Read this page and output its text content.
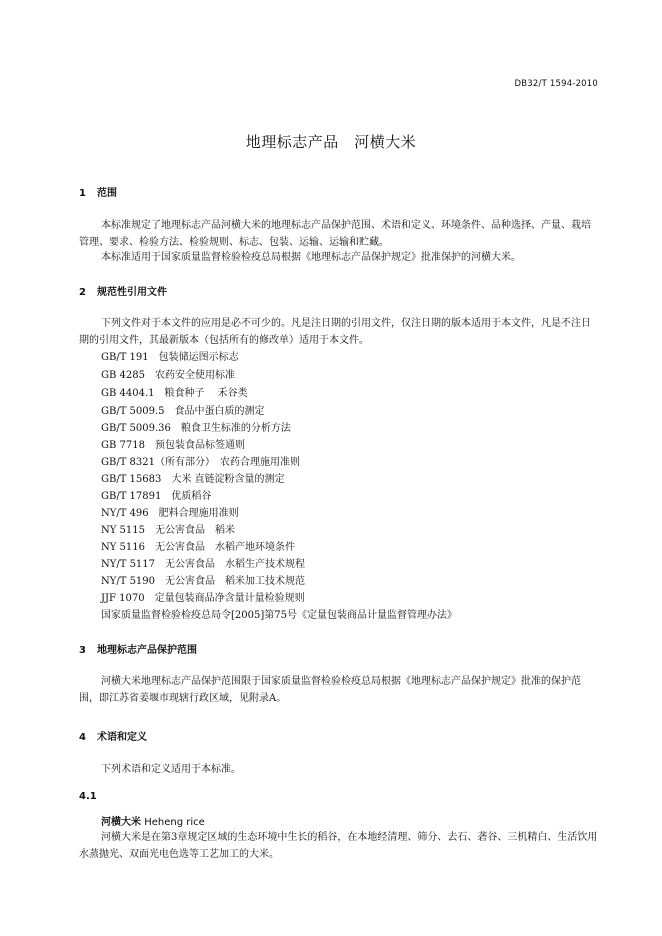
DB32/T 1594-2010
地理标志产品　河横大米
1 范围
本标准规定了地理标志产品河横大米的地理标志产品保护范围、术语和定义、环境条件、品种选择、产量、栽培管理、要求、检验方法、检验规则、标志、包装、运输、运输和贮藏。
本标准适用于国家质量监督检验检疫总局根据《地理标志产品保护规定》批准保护的河横大米。
2 规范性引用文件
下列文件对于本文件的应用是必不可少的。凡是注日期的引用文件，仅注日期的版本适用于本文件，凡是不注日期的引用文件，其最新版本（包括所有的修改单）适用于本文件。
GB/T 191　包装储运图示标志
GB 4285　农药安全使用标准
GB 4404.1　粮食种子　 禾谷类
GB/T 5009.5　食品中蛋白质的测定
GB/T 5009.36　粮食卫生标准的分析方法
GB 7718　预包装食品标签通则
GB/T 8321（所有部分）　农药合理施用准则
GB/T 15683　大米 直链淀粉含量的测定
GB/T 17891　优质稻谷
NY/T 496　肥料合理施用准则
NY 5115　无公害食品　稻米
NY 5116　无公害食品　水稻产地环境条件
NY/T 5117　无公害食品　水稻生产技术规程
NY/T 5190　无公害食品　稻米加工技术规范
JJF 1070　定量包装商品净含量计量检验规则
国家质量监督检验检疫总局令[2005]第75号《定量包装商品计量监督管理办法》
3 地理标志产品保护范围
河横大米地理标志产品保护范围限于国家质量监督检验检疫总局根据《地理标志产品保护规定》批准的保护范围，即江苏省姜堰市现辖行政区域，见附录A。
4 术语和定义
下列术语和定义适用于本标准。
4.1
河横大米 Heheng rice
河横大米是在第3章规定区域的生态环境中生长的稻谷，在本地经清理、筛分、去石、砻谷、三机精白、生活饮用水蒸抛光、双面光电色选等工艺加工的大米。
